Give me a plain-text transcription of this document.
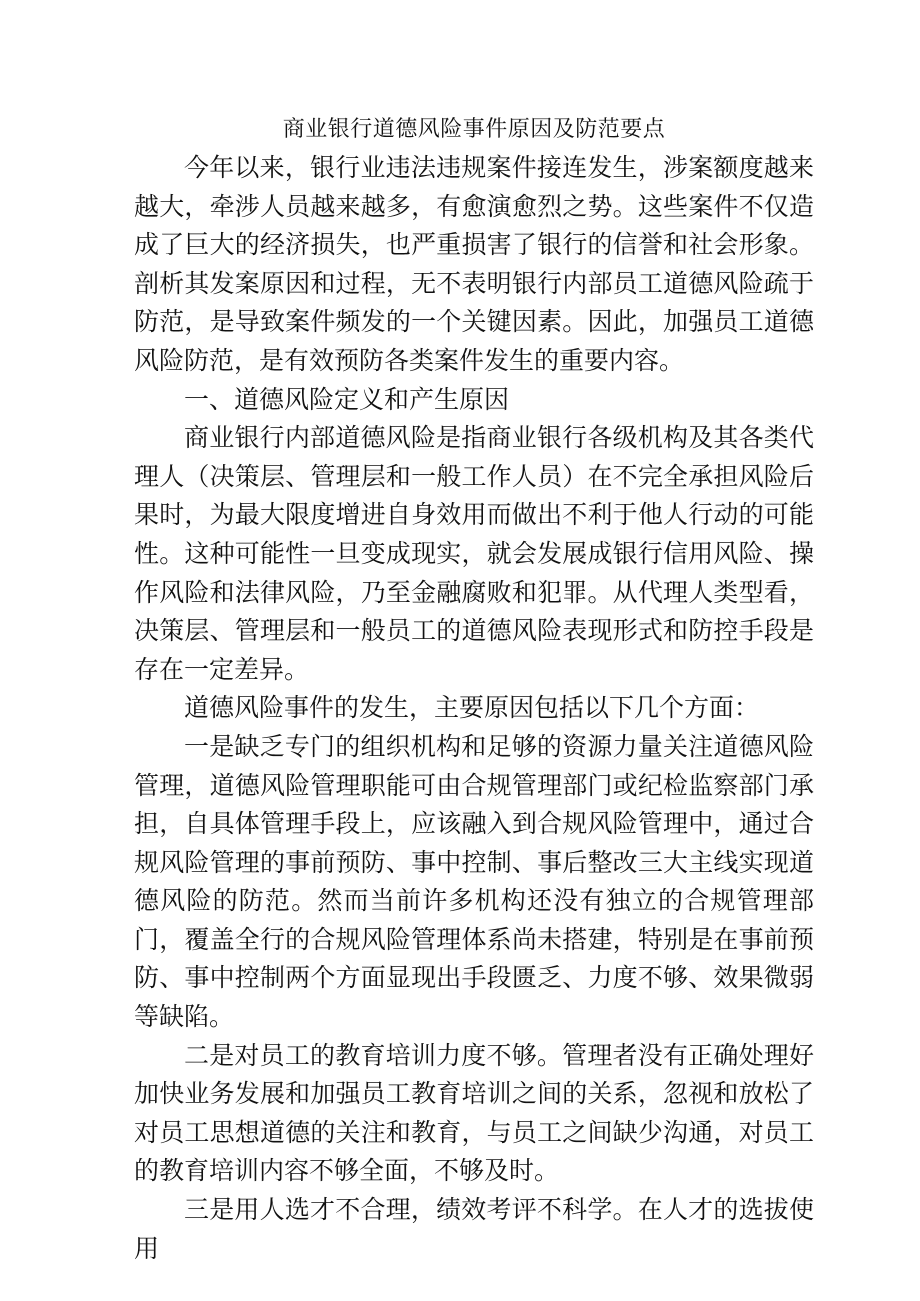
商业银行道德风险事件原因及防范要点

今年以来，银行业违法违规案件接连发生，涉案额度越来越大，牵涉人员越来越多，有愈演愈烈之势。这些案件不仅造成了巨大的经济损失，也严重损害了银行的信誉和社会形象。剖析其发案原因和过程，无不表明银行内部员工道德风险疏于防范，是导致案件频发的一个关键因素。因此，加强员工道德风险防范，是有效预防各类案件发生的重要内容。

一、道德风险定义和产生原因

商业银行内部道德风险是指商业银行各级机构及其各类代理人（决策层、管理层和一般工作人员）在不完全承担风险后果时，为最大限度增进自身效用而做出不利于他人行动的可能性。这种可能性一旦变成现实，就会发展成银行信用风险、操作风险和法律风险，乃至金融腐败和犯罪。从代理人类型看，决策层、管理层和一般员工的道德风险表现形式和防控手段是存在一定差异。

道德风险事件的发生，主要原因包括以下几个方面：

一是缺乏专门的组织机构和足够的资源力量关注道德风险管理，道德风险管理职能可由合规管理部门或纪检监察部门承担，自具体管理手段上，应该融入到合规风险管理中，通过合规风险管理的事前预防、事中控制、事后整改三大主线实现道德风险的防范。然而当前许多机构还没有独立的合规管理部门，覆盖全行的合规风险管理体系尚未搭建，特别是在事前预防、事中控制两个方面显现出手段匮乏、力度不够、效果微弱等缺陷。

二是对员工的教育培训力度不够。管理者没有正确处理好加快业务发展和加强员工教育培训之间的关系，忽视和放松了对员工思想道德的关注和教育，与员工之间缺少沟通，对员工的教育培训内容不够全面，不够及时。

三是用人选才不合理，绩效考评不科学。在人才的选拔使用
